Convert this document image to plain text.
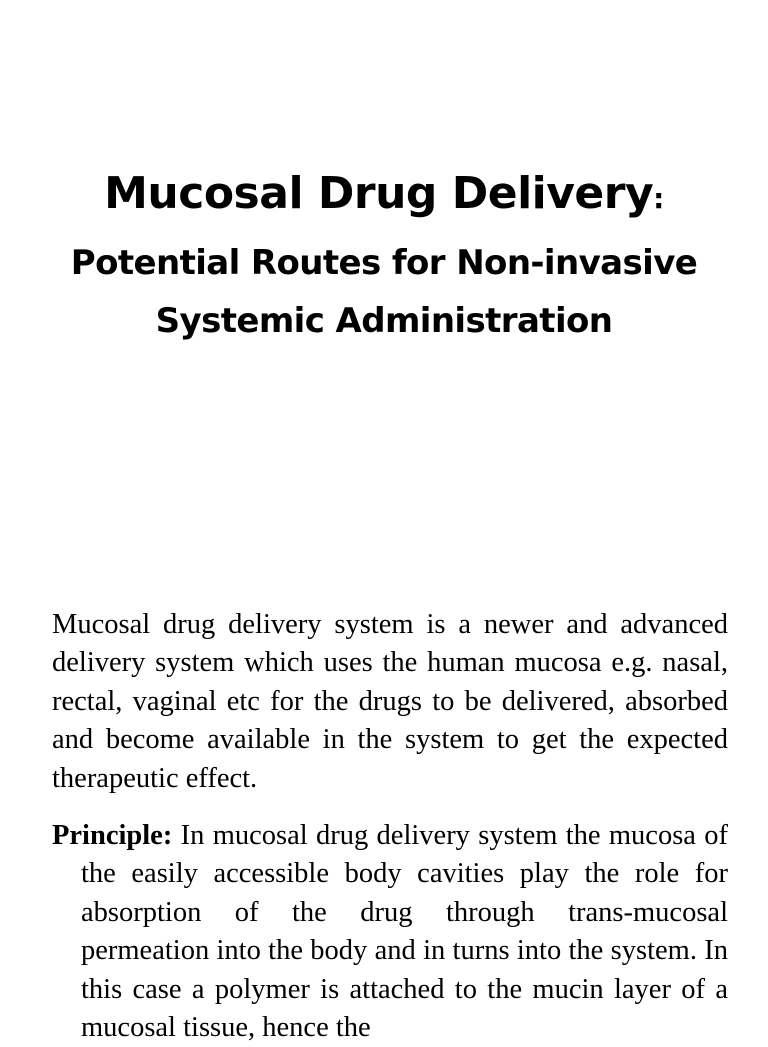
Mucosal Drug Delivery:
Potential Routes for Non-invasive
Systemic Administration

Mucosal drug delivery system is a newer and advanced delivery system which uses the human mucosa e.g. nasal, rectal, vaginal etc for the drugs to be delivered, absorbed and become available in the system to get the expected therapeutic effect.

Principle: In mucosal drug delivery system the mucosa of the easily accessible body cavities play the role for absorption of the drug through trans-mucosal permeation into the body and in turns into the system. In this case a polymer is attached to the mucin layer of a mucosal tissue, hence the
